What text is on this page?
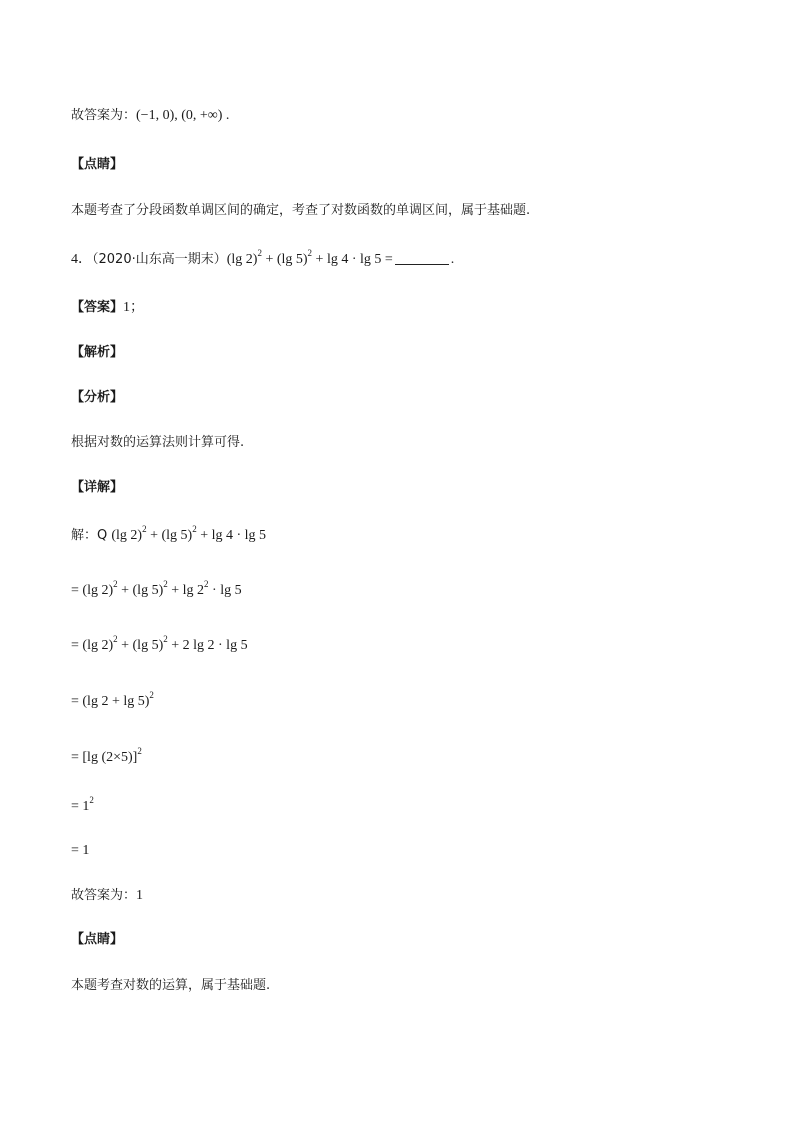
故答案为：(−1, 0), (0, +∞) .
【点睛】
本题考查了分段函数单调区间的确定，考查了对数函数的单调区间，属于基础题.
4．（2020·山东高一期末）(lg 2)$^2$ + (lg 5)$^2$ + lg 4 · lg 5 =	.
【答案】1；
【解析】
【分析】
根据对数的运算法则计算可得.
【详解】
解：Q (lg 2)$^2$ + (lg 5)$^2$ + lg 4 · lg 5
= (lg 2)$^2$ + (lg $5)^2 + \lg 2^2 \cdot \lg 5$
= (lg 2)$^2$ + (lg 5)$^2$ + 2 lg 2 · lg 5
= (lg 2 + lg 5)$^2$
= [lg (2×5)]$^2$
= $1^2$
= 1
故答案为：1
【点睛】
本题考查对数的运算，属于基础题.
